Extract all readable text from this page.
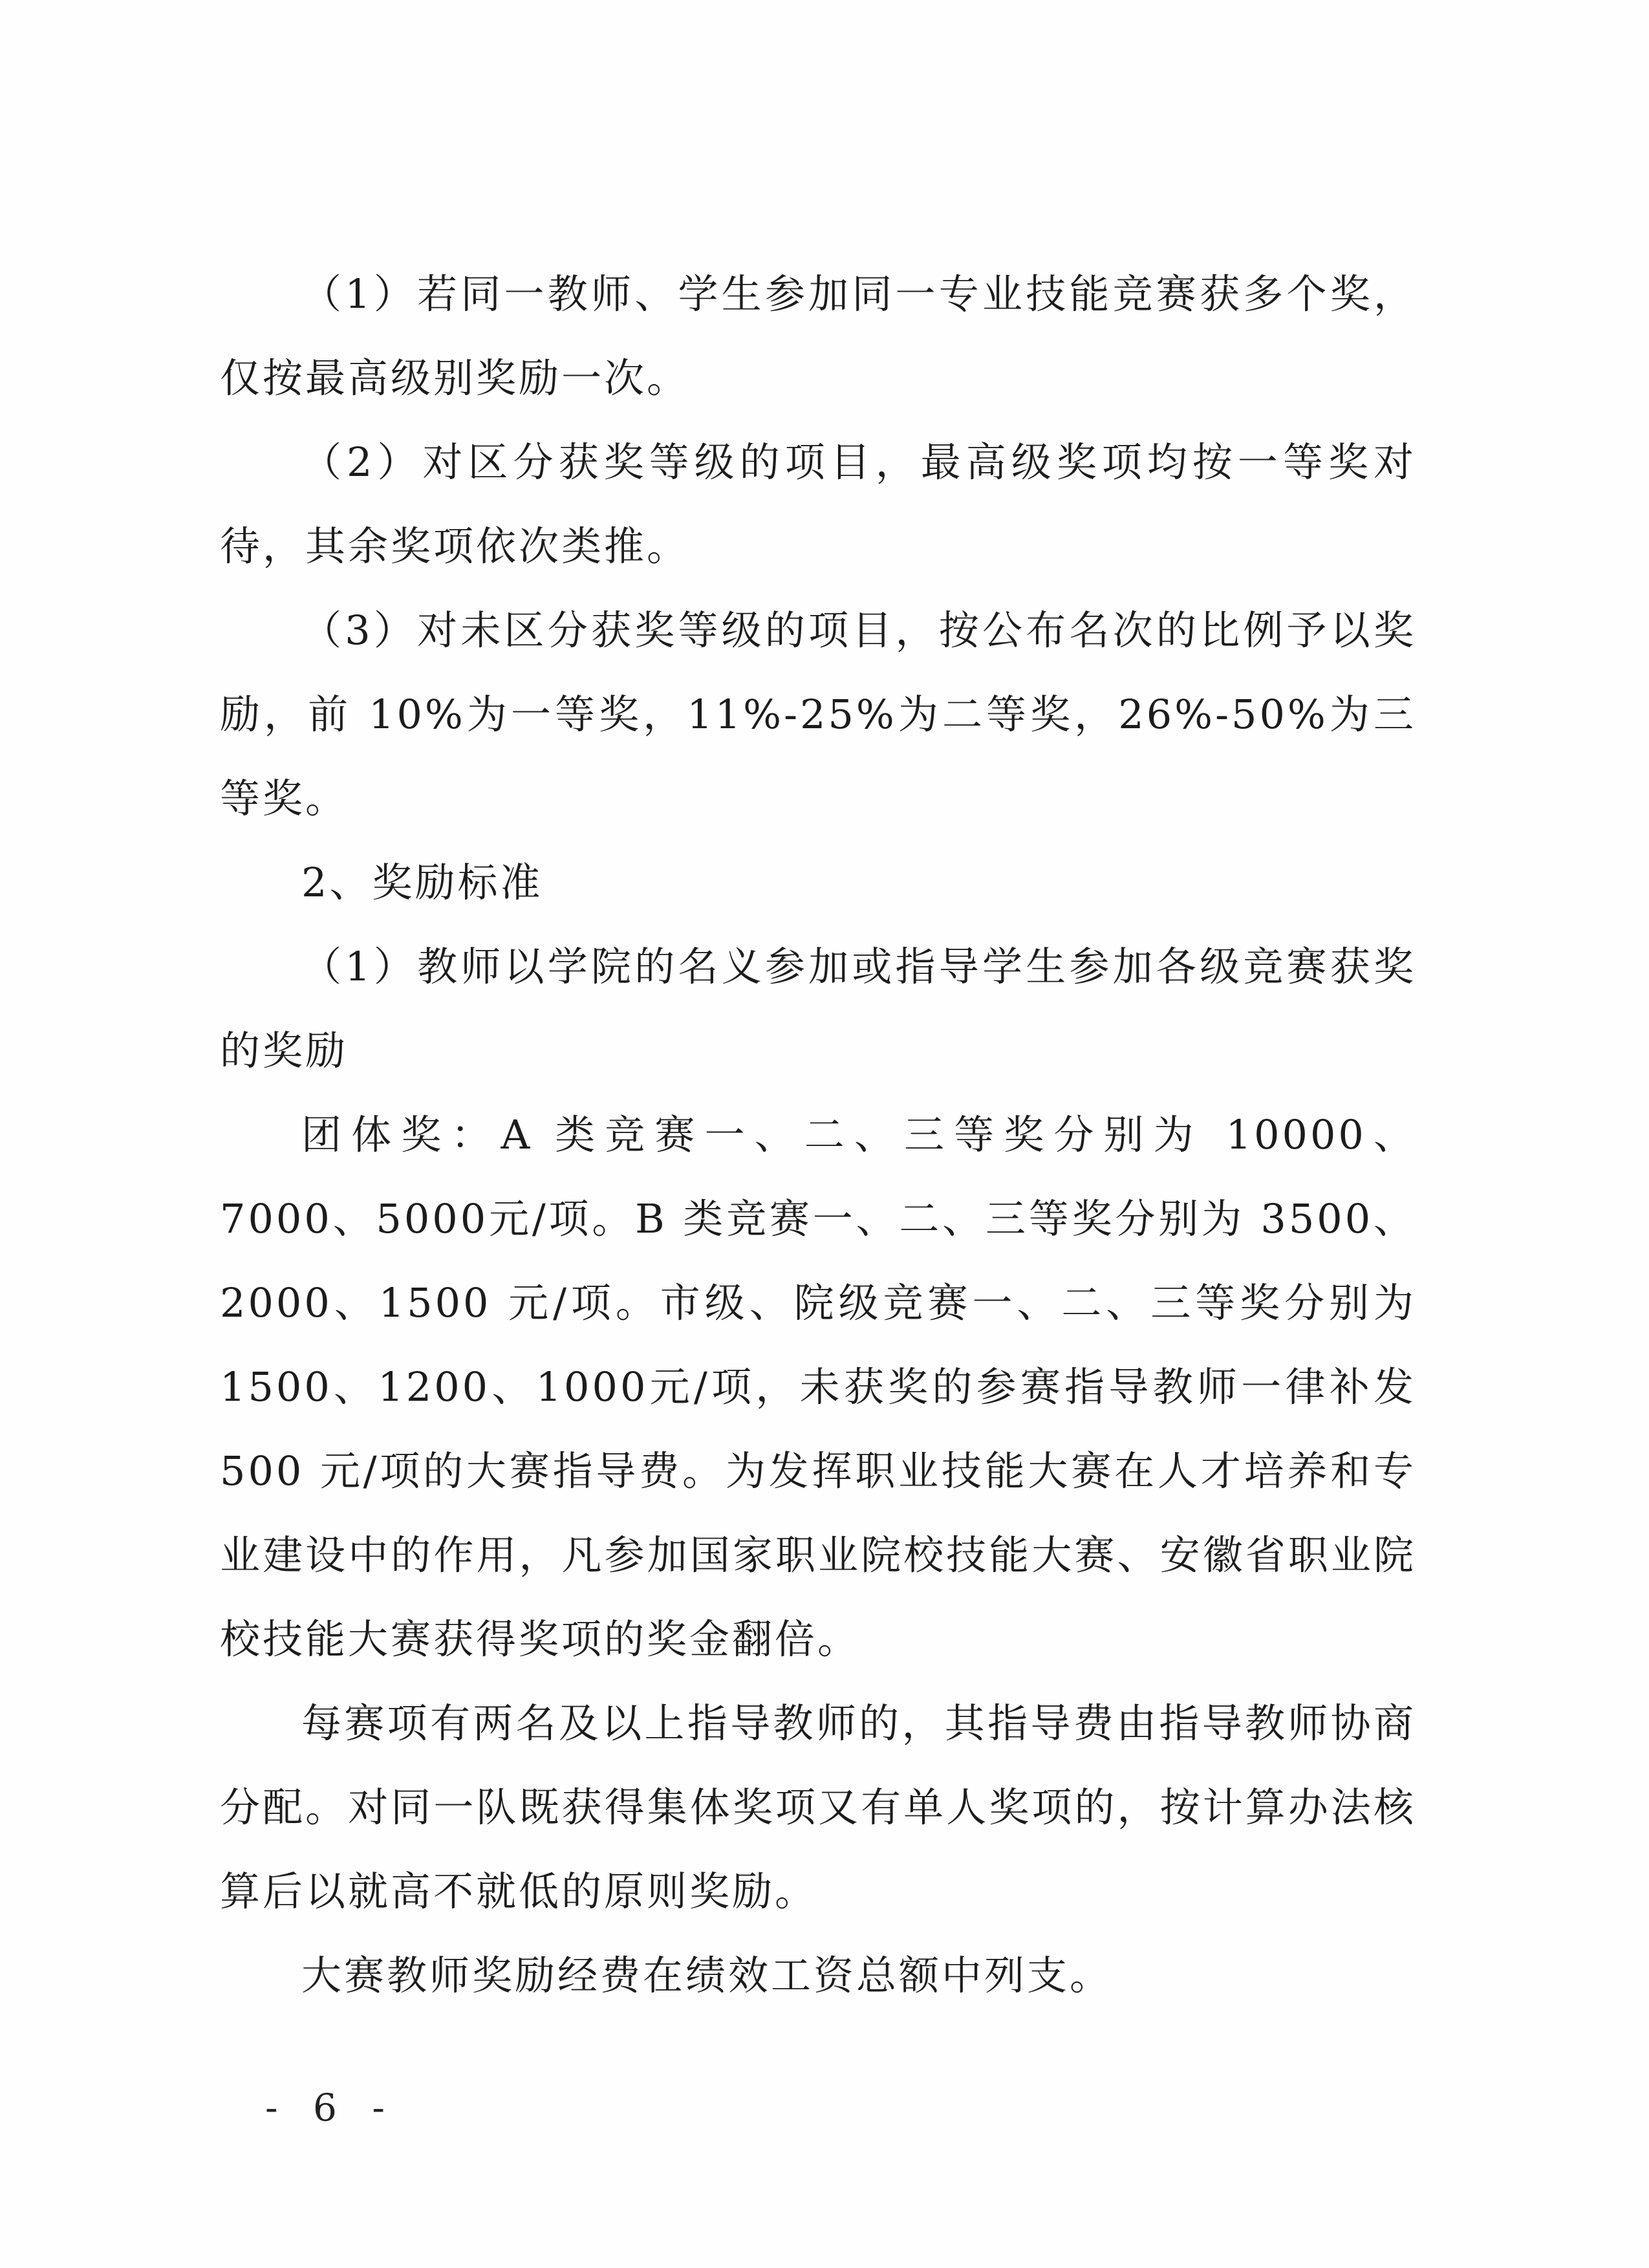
（1）若同一教师、学生参加同一专业技能竞赛获多个奖，仅按最高级别奖励一次。

（2）对区分获奖等级的项目，最高级奖项均按一等奖对待，其余奖项依次类推。

（3）对未区分获奖等级的项目，按公布名次的比例予以奖励，前 10%为一等奖，11%-25%为二等奖，26%-50%为三等奖。

2、奖励标准

（1）教师以学院的名义参加或指导学生参加各级竞赛获奖的奖励

团体奖：A 类竞赛一、二、三等奖分别为 10000、7000、5000元/项。B 类竞赛一、二、三等奖分别为 3500、2000、1500 元/项。市级、院级竞赛一、二、三等奖分别为 1500、1200、1000元/项，未获奖的参赛指导教师一律补发 500 元/项的大赛指导费。为发挥职业技能大赛在人才培养和专业建设中的作用，凡参加国家职业院校技能大赛、安徽省职业院校技能大赛获得奖项的奖金翻倍。

每赛项有两名及以上指导教师的，其指导费由指导教师协商分配。对同一队既获得集体奖项又有单人奖项的，按计算办法核算后以就高不就低的原则奖励。

大赛教师奖励经费在绩效工资总额中列支。

- 6 -
